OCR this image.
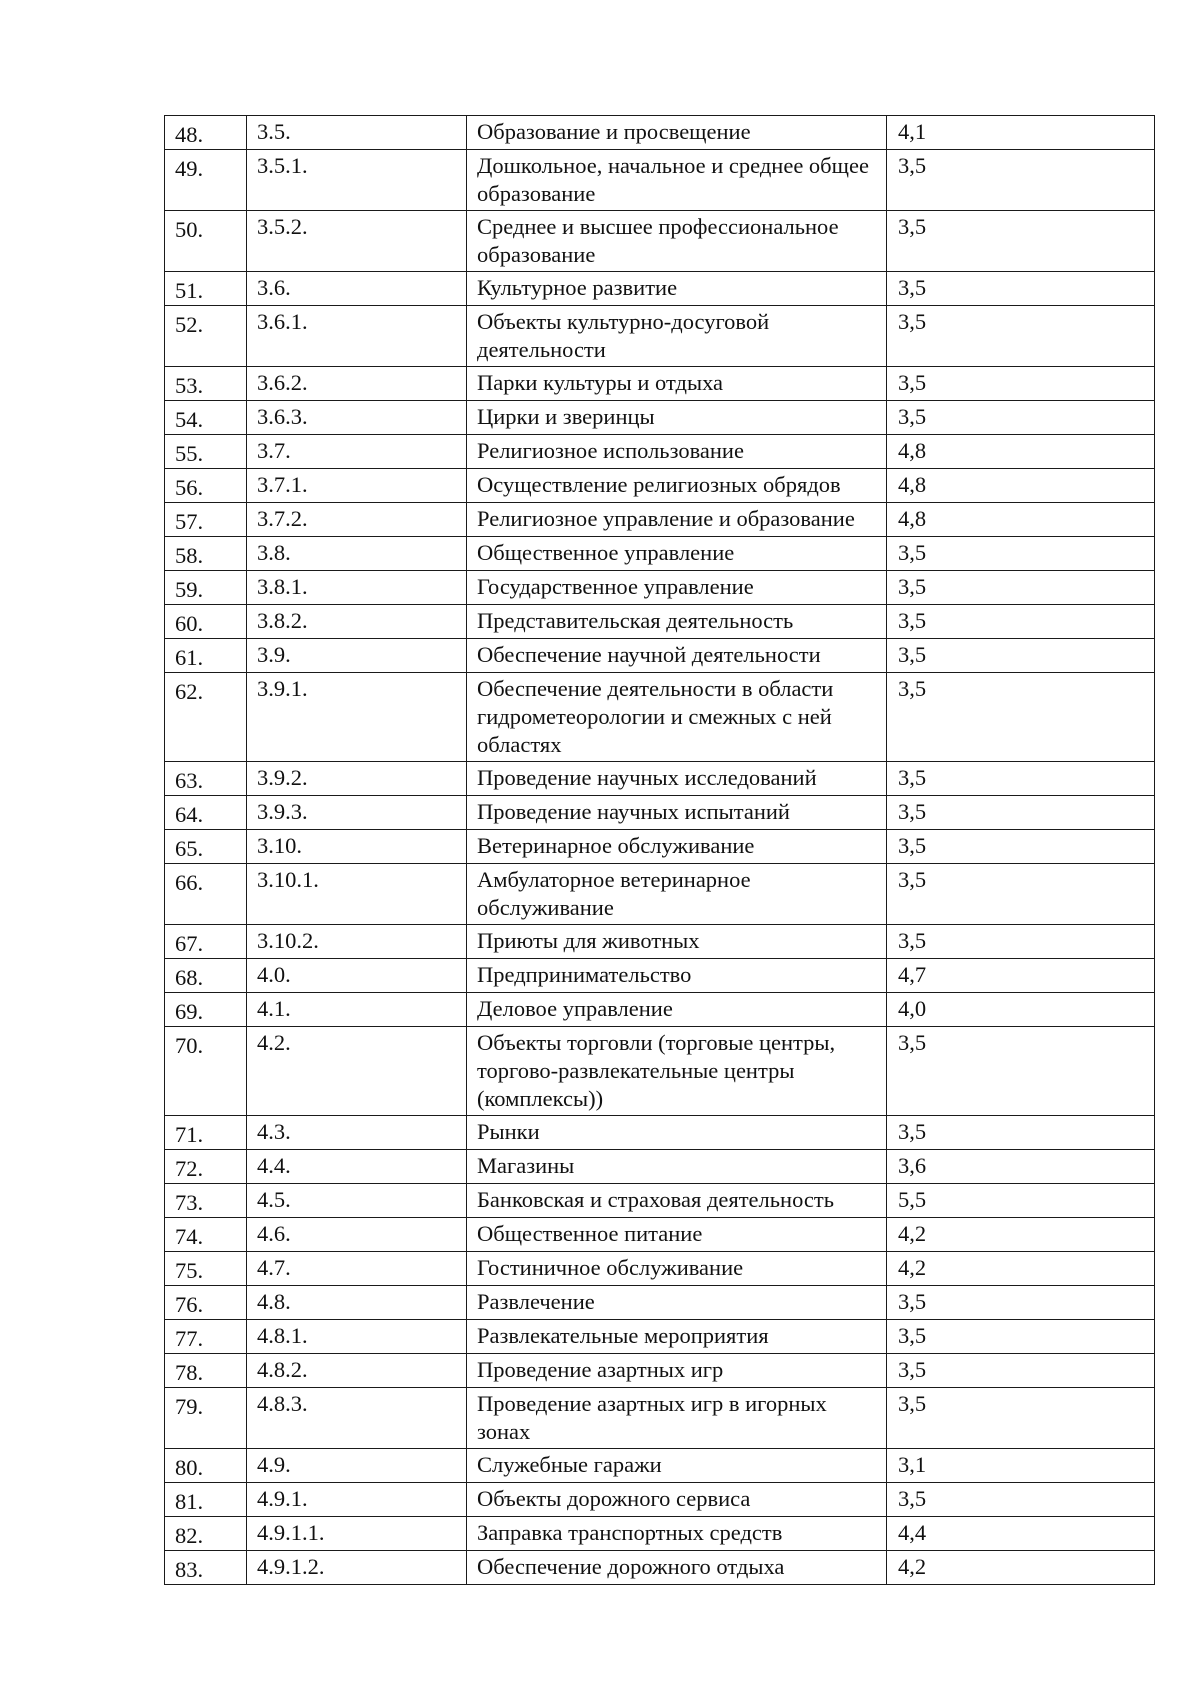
48.	3.5.	Образование и просвещение	4,1
49.	3.5.1.	Дошкольное, начальное и среднее общее образование	3,5
50.	3.5.2.	Среднее и высшее профессиональное образование	3,5
51.	3.6.	Культурное развитие	3,5
52.	3.6.1.	Объекты культурно-досуговой деятельности	3,5
53.	3.6.2.	Парки культуры и отдыха	3,5
54.	3.6.3.	Цирки и зверинцы	3,5
55.	3.7.	Религиозное использование	4,8
56.	3.7.1.	Осуществление религиозных обрядов	4,8
57.	3.7.2.	Религиозное управление и образование	4,8
58.	3.8.	Общественное управление	3,5
59.	3.8.1.	Государственное управление	3,5
60.	3.8.2.	Представительская деятельность	3,5
61.	3.9.	Обеспечение научной деятельности	3,5
62.	3.9.1.	Обеспечение деятельности в области гидрометеорологии и смежных с ней областях	3,5
63.	3.9.2.	Проведение научных исследований	3,5
64.	3.9.3.	Проведение научных испытаний	3,5
65.	3.10.	Ветеринарное обслуживание	3,5
66.	3.10.1.	Амбулаторное ветеринарное обслуживание	3,5
67.	3.10.2.	Приюты для животных	3,5
68.	4.0.	Предпринимательство	4,7
69.	4.1.	Деловое управление	4,0
70.	4.2.	Объекты торговли (торговые центры, торгово-развлекательные центры (комплексы))	3,5
71.	4.3.	Рынки	3,5
72.	4.4.	Магазины	3,6
73.	4.5.	Банковская и страховая деятельность	5,5
74.	4.6.	Общественное питание	4,2
75.	4.7.	Гостиничное обслуживание	4,2
76.	4.8.	Развлечение	3,5
77.	4.8.1.	Развлекательные мероприятия	3,5
78.	4.8.2.	Проведение азартных игр	3,5
79.	4.8.3.	Проведение азартных игр в игорных зонах	3,5
80.	4.9.	Служебные гаражи	3,1
81.	4.9.1.	Объекты дорожного сервиса	3,5
82.	4.9.1.1.	Заправка транспортных средств	4,4
83.	4.9.1.2.	Обеспечение дорожного отдыха	4,2
